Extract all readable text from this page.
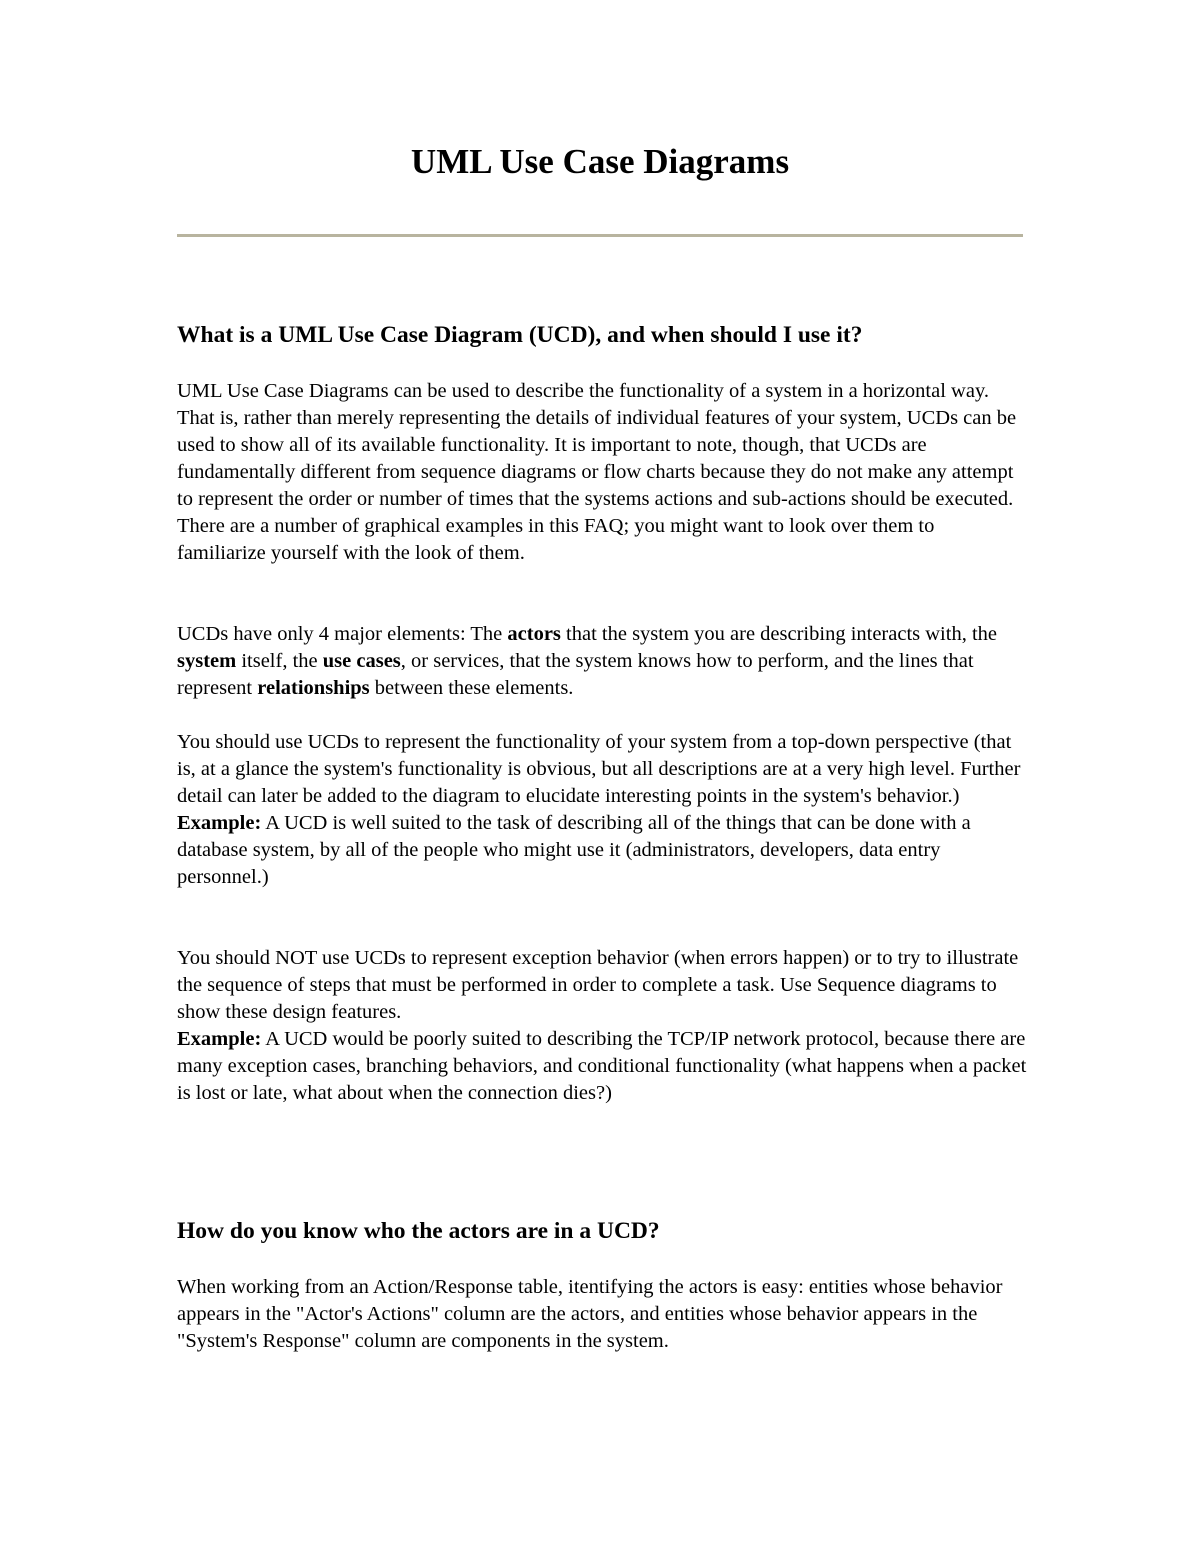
UML Use Case Diagrams
What is a UML Use Case Diagram (UCD), and when should I use it?

UML Use Case Diagrams can be used to describe the functionality of a system in a horizontal way. That is, rather than merely representing the details of individual features of your system, UCDs can be used to show all of its available functionality. It is important to note, though, that UCDs are fundamentally different from sequence diagrams or flow charts because they do not make any attempt to represent the order or number of times that the systems actions and sub-actions should be executed. There are a number of graphical examples in this FAQ; you might want to look over them to familiarize yourself with the look of them.

UCDs have only 4 major elements: The actors that the system you are describing interacts with, the system itself, the use cases, or services, that the system knows how to perform, and the lines that represent relationships between these elements.

You should use UCDs to represent the functionality of your system from a top-down perspective (that is, at a glance the system's functionality is obvious, but all descriptions are at a very high level. Further detail can later be added to the diagram to elucidate interesting points in the system's behavior.)
Example: A UCD is well suited to the task of describing all of the things that can be done with a database system, by all of the people who might use it (administrators, developers, data entry personnel.)

You should NOT use UCDs to represent exception behavior (when errors happen) or to try to illustrate the sequence of steps that must be performed in order to complete a task. Use Sequence diagrams to show these design features.
Example: A UCD would be poorly suited to describing the TCP/IP network protocol, because there are many exception cases, branching behaviors, and conditional functionality (what happens when a packet is lost or late, what about when the connection dies?)

How do you know who the actors are in a UCD?

When working from an Action/Response table, itentifying the actors is easy: entities whose behavior appears in the "Actor's Actions" column are the actors, and entities whose behavior appears in the "System's Response" column are components in the system.
